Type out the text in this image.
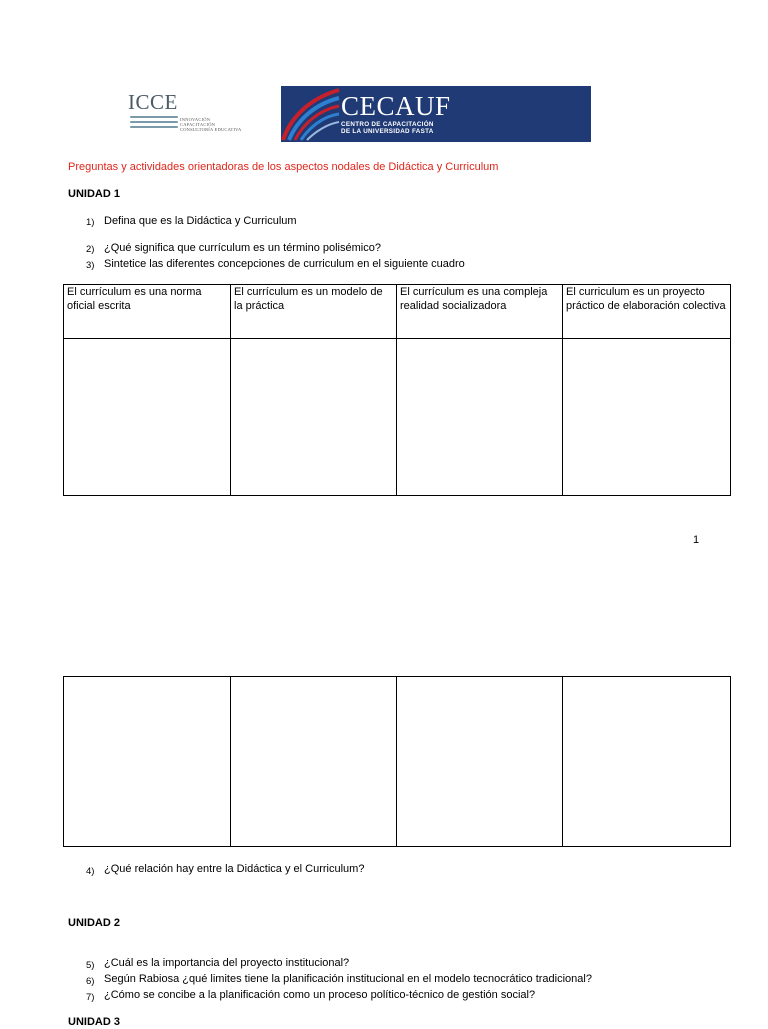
ICCE
INNOVACIÓN
CAPACITACIÓN
CONSULTORÍA EDUCATIVA
CECAUF
CENTRO DE CAPACITACIÓN
DE LA UNIVERSIDAD FASTA
Preguntas y actividades orientadoras de los aspectos nodales de Didáctica y Curriculum
UNIDAD 1
1) Defina que es la Didáctica y Curriculum
2) ¿Qué significa que currículum es un término polisémico?
3) Sintetice las diferentes concepciones de curriculum en el siguiente cuadro
El currículum es una norma oficial escrita	El currículum es un modelo de la práctica	El currículum es una compleja realidad socializadora	El curriculum es un proyecto práctico de elaboración colectiva

1

4) ¿Qué relación hay entre la Didáctica y el Curriculum?
UNIDAD 2
5) ¿Cuál es la importancia del proyecto institucional?
6) Según Rabiosa ¿qué limites tiene la planificación institucional en el modelo tecnocrático tradicional?
7) ¿Cómo se concibe a la planificación como un proceso político-técnico de gestión social?
UNIDAD 3
